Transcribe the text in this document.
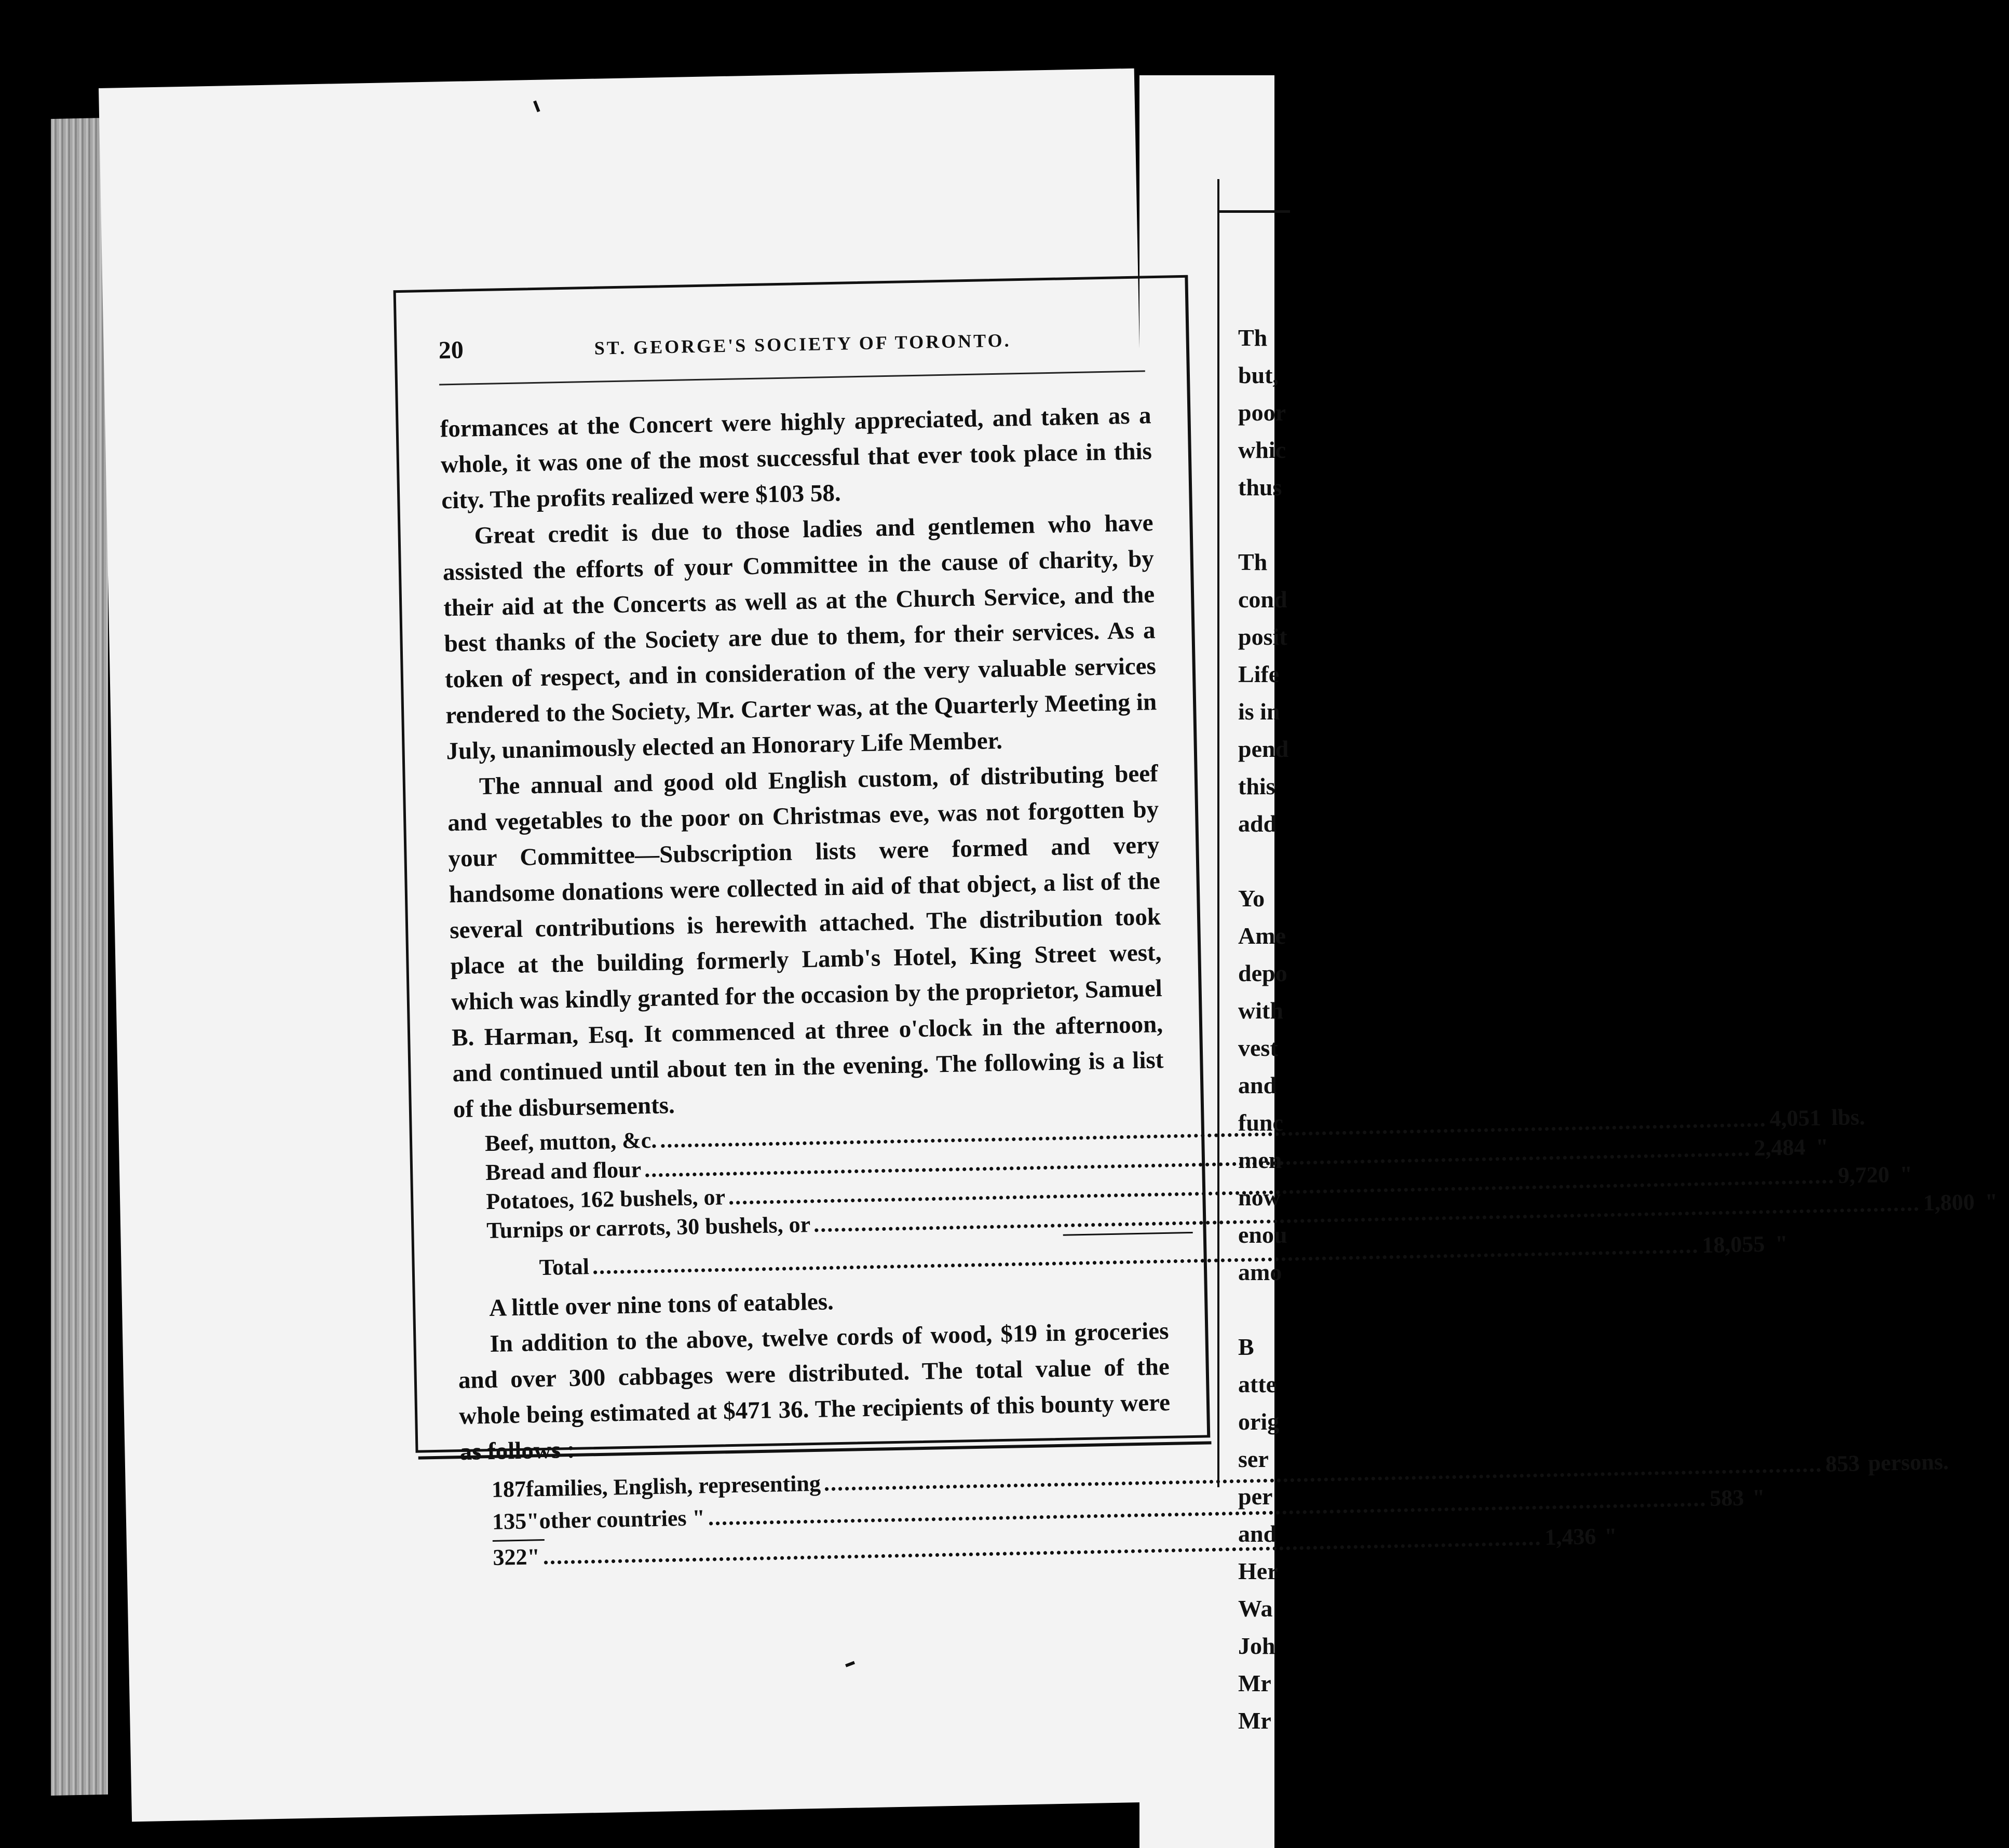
Th
but,
poor
whic
thus

Th
cond
posit
Life
is in
pend
this
add

Yo
Ame
depo
with
vest
and
func
men
now
enou
amo

B
atte
orig
ser
per
and
Her
Wa
Joh
Mr
Mr
20	ST. GEORGE'S SOCIETY OF TORONTO.

formances at the Concert were highly appreciated, and taken as a whole, it was one of the most successful that ever took place in this city. The profits realized were $103 58.

Great credit is due to those ladies and gentlemen who have assisted the efforts of your Committee in the cause of charity, by their aid at the Concerts as well as at the Church Service, and the best thanks of the Society are due to them, for their services. As a token of respect, and in consideration of the very valuable services rendered to the Society, Mr. Carter was, at the Quarterly Meeting in July, unanimously elected an Honorary Life Member.

The annual and good old English custom, of distributing beef and vegetables to the poor on Christmas eve, was not forgotten by your Committee—Subscription lists were formed and very handsome donations were collected in aid of that object, a list of the several contributions is herewith attached. The distribution took place at the building formerly Lamb's Hotel, King Street west, which was kindly granted for the occasion by the proprietor, Samuel B. Harman, Esq. It commenced at three o'clock in the afternoon, and continued until about ten in the evening. The following is a list of the disbursements.

Beef, mutton, &c.
.....
4,051 lbs.
Bread and flour
.....
2,484 "
Potatoes, 162 bushels, or
.....
9,720 "
Turnips or carrots, 30 bushels, or
.....
1,800 "
Total
.....
18,055 "

A little over nine tons of eatables.

In addition to the above, twelve cords of wood, $19 in groceries and over 300 cabbages were distributed. The total value of the whole being estimated at $471 36. The recipients of this bounty were as follows :

187 families, English, representing
.....
853 persons.
135 " other countries "
.....
583 "
322 "
.....
1,436 "
